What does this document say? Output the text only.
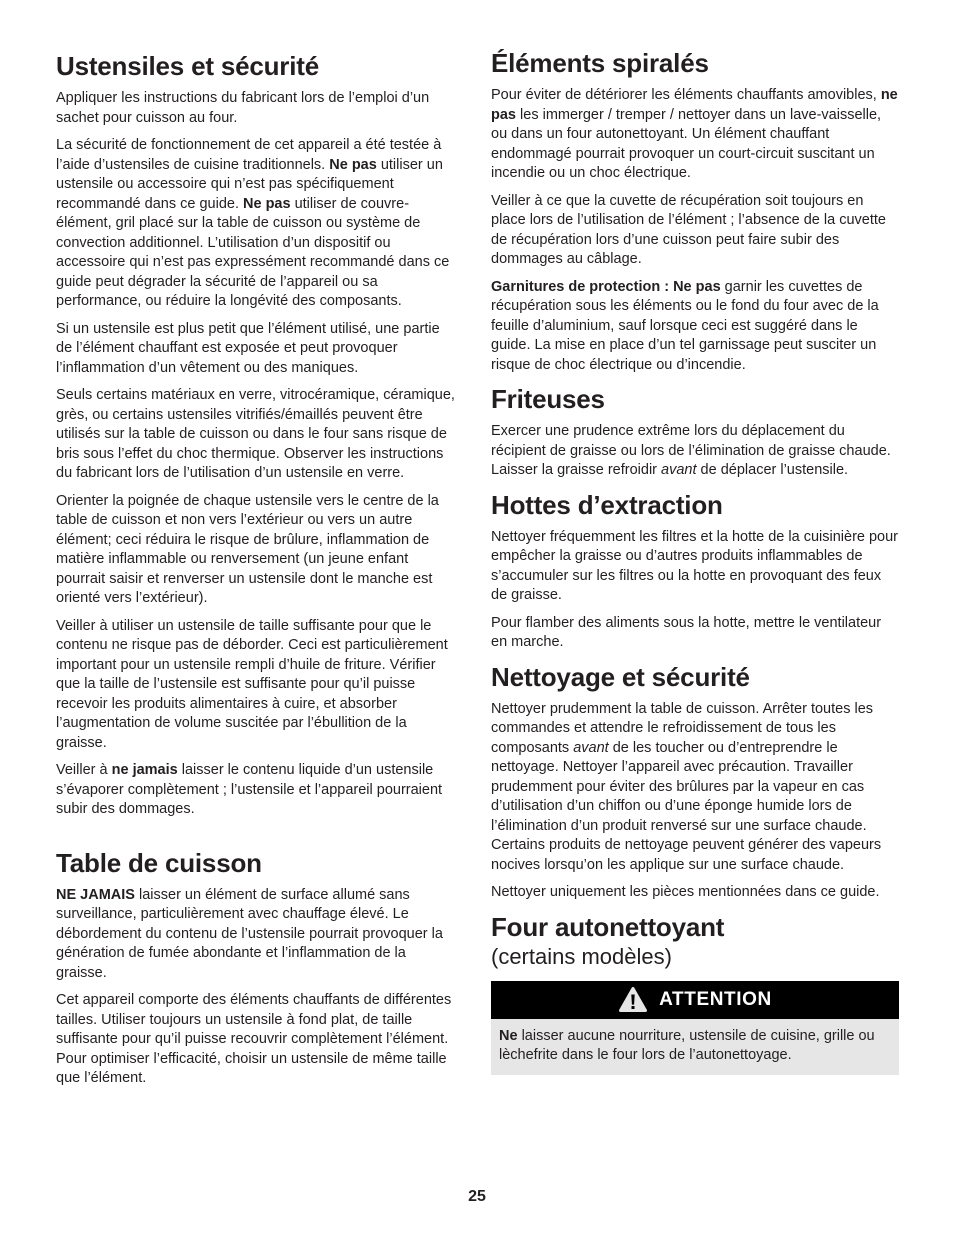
Ustensiles et sécurité

Appliquer les instructions du fabricant lors de l’emploi d’un sachet pour cuisson au four.

La sécurité de fonctionnement de cet appareil a été testée à l’aide d’ustensiles de cuisine traditionnels. Ne pas utiliser un ustensile ou accessoire qui n’est pas spécifiquement recommandé dans ce guide. Ne pas utiliser de couvre-élément, gril placé sur la table de cuisson ou système de convection additionnel. L’utilisation d’un dispositif ou accessoire qui n’est pas expressément recommandé dans ce guide peut dégrader la sécurité de l’appareil ou sa performance, ou réduire la longévité des composants.

Si un ustensile est plus petit que l’élément utilisé, une partie de l’élément chauffant est exposée et peut provoquer l’inflammation d’un vêtement ou des maniques.

Seuls certains matériaux en verre, vitrocéramique, céramique, grès, ou certains ustensiles vitrifiés/émaillés peuvent être utilisés sur la table de cuisson ou dans le four sans risque de bris sous l’effet du choc thermique. Observer les instructions du fabricant lors de l’utilisation d’un ustensile en verre.

Orienter la poignée de chaque ustensile vers le centre de la table de cuisson et non vers l’extérieur ou vers un autre élément; ceci réduira le risque de brûlure, inflammation de matière inflammable ou renversement (un jeune enfant pourrait saisir et renverser un ustensile dont le manche est orienté vers l’extérieur).

Veiller à utiliser un ustensile de taille suffisante pour que le contenu ne risque pas de déborder. Ceci est particulièrement important pour un ustensile rempli d’huile de friture. Vérifier que la taille de l’ustensile est suffisante pour qu’il puisse recevoir les produits alimentaires à cuire, et absorber l’augmentation de volume suscitée par l’ébullition de la graisse.

Veiller à ne jamais laisser le contenu liquide d’un ustensile s’évaporer complètement ; l’ustensile et l’appareil pourraient subir des dommages.

Table de cuisson

NE JAMAIS laisser un élément de surface allumé sans surveillance, particulièrement avec chauffage élevé. Le débordement du contenu de l’ustensile pourrait provoquer la génération de fumée abondante et l’inflammation de la graisse.

Cet appareil comporte des éléments chauffants de différentes tailles. Utiliser toujours un ustensile à fond plat, de taille suffisante pour qu’il puisse recouvrir complètement l’élément. Pour optimiser l’efficacité, choisir un ustensile de même taille que l’élément.

Éléments spiralés

Pour éviter de détériorer les éléments chauffants amovibles, ne pas les immerger / tremper / nettoyer dans un lave-vaisselle, ou dans un four autonettoyant. Un élément chauffant endommagé pourrait provoquer un court-circuit suscitant un incendie ou un choc électrique.

Veiller à ce que la cuvette de récupération soit toujours en place lors de l’utilisation de l’élément ; l’absence de la cuvette de récupération lors d’une cuisson peut faire subir des dommages au câblage.

Garnitures de protection : Ne pas garnir les cuvettes de récupération sous les éléments ou le fond du four avec de la feuille d’aluminium, sauf lorsque ceci est suggéré dans le guide. La mise en place d’un tel garnissage peut susciter un risque de choc électrique ou d’incendie.

Friteuses

Exercer une prudence extrême lors du déplacement du récipient de graisse ou lors de l’élimination de graisse chaude. Laisser la graisse refroidir avant de déplacer l’ustensile.

Hottes d’extraction

Nettoyer fréquemment les filtres et la hotte de la cuisinière pour empêcher la graisse ou d’autres produits inflammables de s’accumuler sur les filtres ou la hotte en provoquant des feux de graisse.

Pour flamber des aliments sous la hotte, mettre le ventilateur en marche.

Nettoyage et sécurité

Nettoyer prudemment la table de cuisson. Arrêter toutes les commandes et attendre le refroidissement de tous les composants avant de les toucher ou d’entreprendre le nettoyage. Nettoyer l’appareil avec précaution. Travailler prudemment pour éviter des brûlures par la vapeur en cas d’utilisation d’un chiffon ou d’une éponge humide lors de l’élimination d’un produit renversé sur une surface chaude. Certains produits de nettoyage peuvent générer des vapeurs nocives lorsqu’on les applique sur une surface chaude.

Nettoyer uniquement les pièces mentionnées dans ce guide.

Four autonettoyant
(certains modèles)
ATTENTION
Ne laisser aucune nourriture, ustensile de cuisine, grille ou lèchefrite dans le four lors de l’autonettoyage.
25
